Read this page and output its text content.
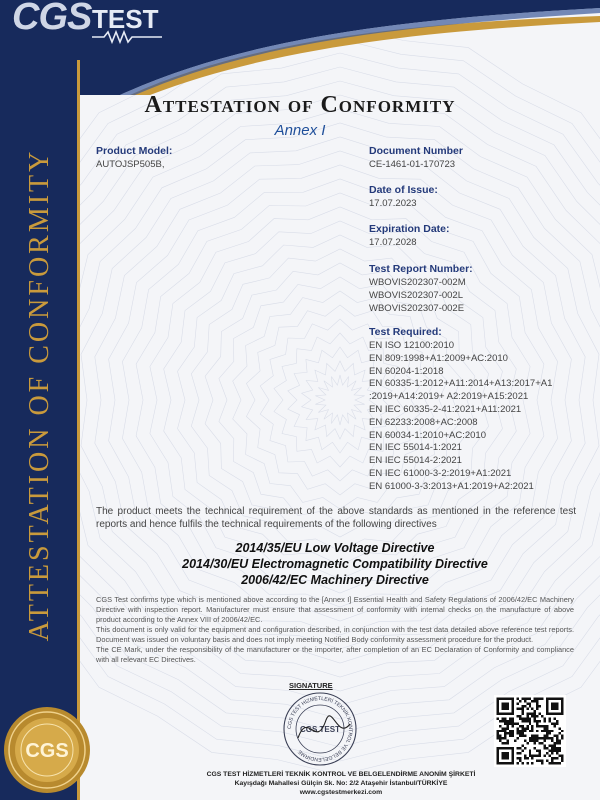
CGS TEST
ATTESTATION OF CONFORMITY
CGS
Attestation of Conformity
Annex I
Product Model:
AUTOJSP505B,
Document Number
CE-1461-01-170723
Date of Issue:
17.07.2023
Expiration Date:
17.07.2028
Test Report Number:
WBOVIS202307-002M
WBOVIS202307-002L
WBOVIS202307-002E
Test Required:
EN ISO 12100:2010
EN 809:1998+A1:2009+AC:2010
EN 60204-1:2018
EN 60335-1:2012+A11:2014+A13:2017+A1
:2019+A14:2019+ A2:2019+A15:2021
EN IEC 60335-2-41:2021+A11:2021
EN 62233:2008+AC:2008
EN 60034-1:2010+AC:2010
EN IEC 55014-1:2021
EN IEC 55014-2:2021
EN IEC 61000-3-2:2019+A1:2021
EN 61000-3-3:2013+A1:2019+A2:2021
The product meets the technical requirement of the above standards as mentioned in the reference test reports and hence fulfils the technical requirements of the following directives
2014/35/EU Low Voltage Directive
2014/30/EU Electromagnetic Compatibility Directive
2006/42/EC Machinery Directive

CGS Test confirms type which is mentioned above according to the [Annex I] Essential Health and Safety Regulations of 2006/42/EC Machinery Directive with inspection report. Manufacturer must ensure that assessment of conformity with internal checks on the manufacture of above product according to the Annex VIII of 2006/42/EC.

This document is only valid for the equipment and configuration described, in conjunction with the test data detailed above reference test reports. Document was issued on voluntary basis and does not imply meeting Notified Body conformity assessment procedure for the product.

The CE Mark, under the responsibility of the manufacturer or the importer, after completion of an EC Declaration of Conformity and compliance with all relevant EC Directives.

SIGNATURE
CGS TEST HİZMETLERİ TEKNİK KONTROL VE BELGELENDİRME
CGS TEST
CGS TEST HİZMETLERİ TEKNİK KONTROL VE BELGELENDİRME ANONİM ŞİRKETİ
Kayışdağı Mahallesi Gülçin Sk. No: 2/2 Ataşehir İstanbul/TÜRKİYE
www.cgstestmerkezi.com
